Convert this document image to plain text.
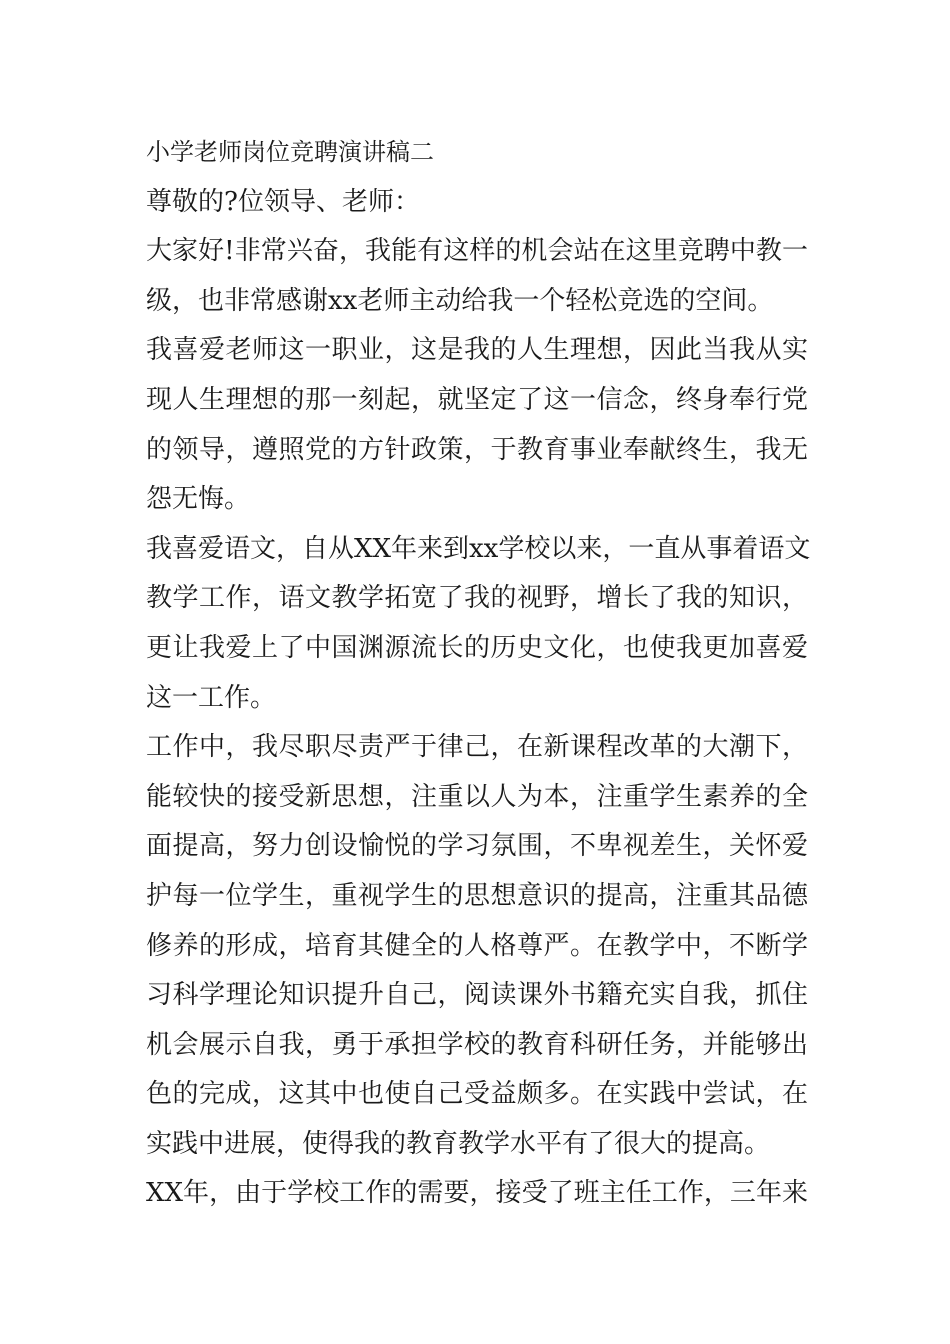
小学老师岗位竞聘演讲稿二
尊敬的?位领导、老师：
大家好!非常兴奋，我能有这样的机会站在这里竞聘中教一
级，也非常感谢xx老师主动给我一个轻松竞选的空间。
我喜爱老师这一职业，这是我的人生理想，因此当我从实
现人生理想的那一刻起，就坚定了这一信念，终身奉行党
的领导，遵照党的方针政策，于教育事业奉献终生，我无
怨无悔。
我喜爱语文，自从XX年来到xx学校以来，一直从事着语文
教学工作，语文教学拓宽了我的视野，增长了我的知识，
更让我爱上了中国渊源流长的历史文化，也使我更加喜爱
这一工作。
工作中，我尽职尽责严于律己，在新课程改革的大潮下，
能较快的接受新思想，注重以人为本，注重学生素养的全
面提高，努力创设愉悦的学习氛围，不卑视差生，关怀爱
护每一位学生，重视学生的思想意识的提高，注重其品德
修养的形成，培育其健全的人格尊严。在教学中，不断学
习科学理论知识提升自己，阅读课外书籍充实自我，抓住
机会展示自我，勇于承担学校的教育科研任务，并能够出
色的完成，这其中也使自己受益颇多。在实践中尝试，在
实践中进展，使得我的教育教学水平有了很大的提高。
XX年，由于学校工作的需要，接受了班主任工作，三年来
